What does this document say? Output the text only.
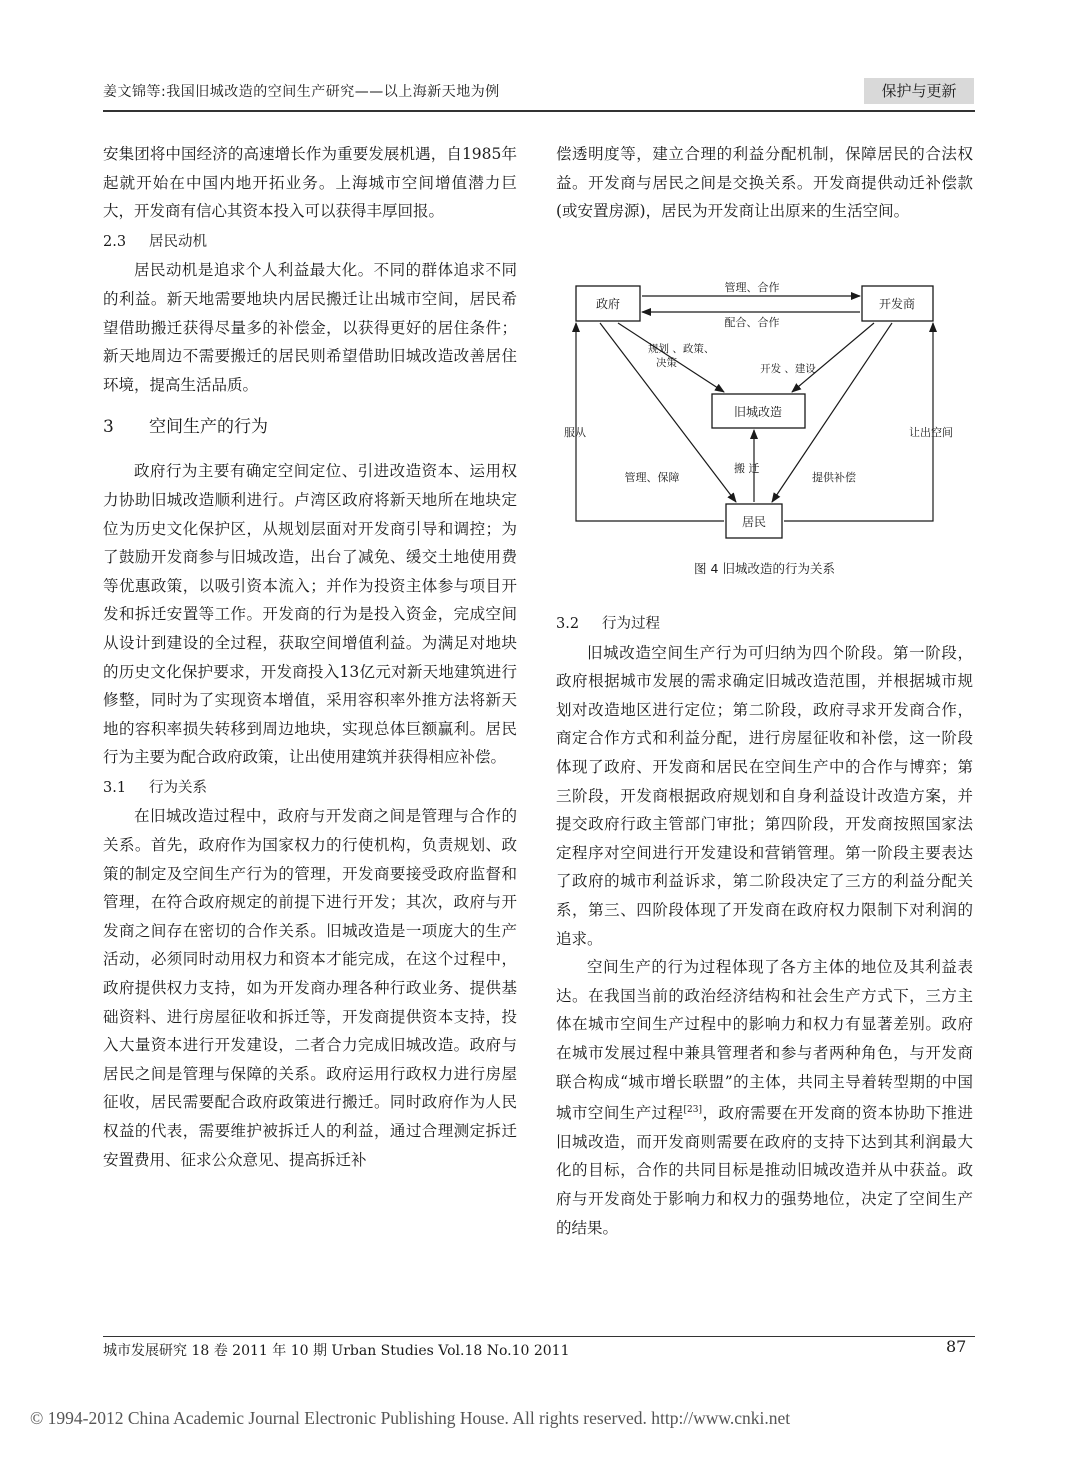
姜文锦等:我国旧城改造的空间生产研究——以上海新天地为例	保护与更新

安集团将中国经济的高速增长作为重要发展机遇，自1985年起就开始在中国内地开拓业务。上海城市空间增值潜力巨大，开发商有信心其资本投入可以获得丰厚回报。

2.3 居民动机

居民动机是追求个人利益最大化。不同的群体追求不同的利益。新天地需要地块内居民搬迁让出城市空间，居民希望借助搬迁获得尽量多的补偿金，以获得更好的居住条件；新天地周边不需要搬迁的居民则希望借助旧城改造改善居住环境，提高生活品质。

3 空间生产的行为

政府行为主要有确定空间定位、引进改造资本、运用权力协助旧城改造顺利进行。卢湾区政府将新天地所在地块定位为历史文化保护区，从规划层面对开发商引导和调控；为了鼓励开发商参与旧城改造，出台了减免、缓交土地使用费等优惠政策，以吸引资本流入；并作为投资主体参与项目开发和拆迁安置等工作。开发商的行为是投入资金，完成空间从设计到建设的全过程，获取空间增值利益。为满足对地块的历史文化保护要求，开发商投入13亿元对新天地建筑进行修整，同时为了实现资本增值，采用容积率外推方法将新天地的容积率损失转移到周边地块，实现总体巨额赢利。居民行为主要为配合政府政策，让出使用建筑并获得相应补偿。

3.1 行为关系

在旧城改造过程中，政府与开发商之间是管理与合作的关系。首先，政府作为国家权力的行使机构，负责规划、政策的制定及空间生产行为的管理，开发商要接受政府监督和管理，在符合政府规定的前提下进行开发；其次，政府与开发商之间存在密切的合作关系。旧城改造是一项庞大的生产活动，必须同时动用权力和资本才能完成，在这个过程中，政府提供权力支持，如为开发商办理各种行政业务、提供基础资料、进行房屋征收和拆迁等，开发商提供资本支持，投入大量资本进行开发建设，二者合力完成旧城改造。政府与居民之间是管理与保障的关系。政府运用行政权力进行房屋征收，居民需要配合政府政策进行搬迁。同时政府作为人民权益的代表，需要维护被拆迁人的利益，通过合理测定拆迁安置费用、征求公众意见、提高拆迁补

偿透明度等，建立合理的利益分配机制，保障居民的合法权益。开发商与居民之间是交换关系。开发商提供动迁补偿款(或安置房源)，居民为开发商让出原来的生活空间。

政府	开发商
旧城改造
居民
管理、合作
配合、合作
规划 、政策、
决策	开发 、建设
管理、保障	提供补偿
搬 迁
服从	让出空间
图 4 旧城改造的行为关系

3.2 行为过程

旧城改造空间生产行为可归纳为四个阶段。第一阶段，政府根据城市发展的需求确定旧城改造范围，并根据城市规划对改造地区进行定位；第二阶段，政府寻求开发商合作，商定合作方式和利益分配，进行房屋征收和补偿，这一阶段体现了政府、开发商和居民在空间生产中的合作与博弈；第三阶段，开发商根据政府规划和自身利益设计改造方案，并提交政府行政主管部门审批；第四阶段，开发商按照国家法定程序对空间进行开发建设和营销管理。第一阶段主要表达了政府的城市利益诉求，第二阶段决定了三方的利益分配关系，第三、四阶段体现了开发商在政府权力限制下对利润的追求。

空间生产的行为过程体现了各方主体的地位及其利益表达。在我国当前的政治经济结构和社会生产方式下，三方主体在城市空间生产过程中的影响力和权力有显著差别。政府在城市发展过程中兼具管理者和参与者两种角色，与开发商联合构成“城市增长联盟”的主体，共同主导着转型期的中国城市空间生产过程[23]，政府需要在开发商的资本协助下推进旧城改造，而开发商则需要在政府的支持下达到其利润最大化的目标，合作的共同目标是推动旧城改造并从中获益。政府与开发商处于影响力和权力的强势地位，决定了空间生产的结果。

城市发展研究 18 卷 2011 年 10 期 Urban Studies Vol.18 No.10 2011	87
© 1994-2012 China Academic Journal Electronic Publishing House. All rights reserved. http://www.cnki.net
